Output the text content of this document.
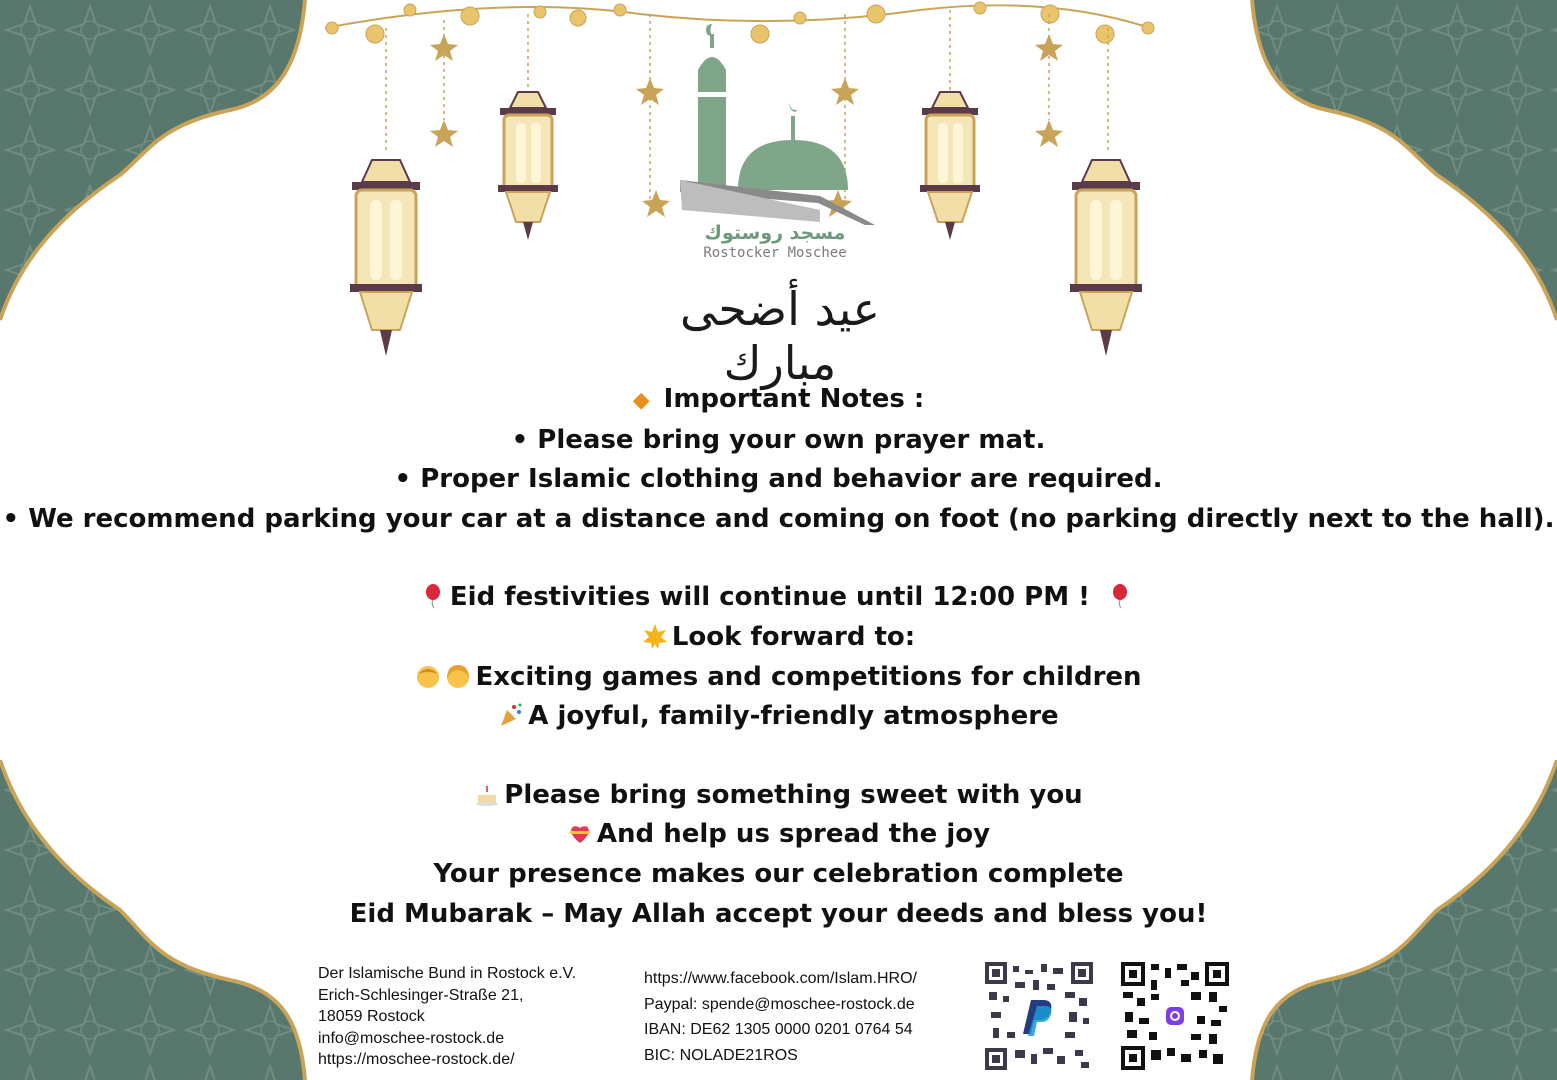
مسجد روستوك
Rostocker Moschee
عيد أضحى مبارك
◆ Important Notes :
• Please bring your own prayer mat.
• Proper Islamic clothing and behavior are required.
• We recommend parking your car at a distance and coming on foot (no parking directly next to the hall).
Eid festivities will continue until 12:00 PM !
Look forward to:
Exciting games and competitions for children
A joyful, family-friendly atmosphere
Please bring something sweet with you
And help us spread the joy
Your presence makes our celebration complete
Eid Mubarak – May Allah accept your deeds and bless you!
Der Islamische Bund in Rostock e.V.
Erich-Schlesinger-Straße 21,
18059 Rostock
info@moschee-rostock.de
https://moschee-rostock.de/
https://www.facebook.com/Islam.HRO/
Paypal: spende@moschee-rostock.de
IBAN: DE62 1305 0000 0201 0764 54
BIC: NOLADE21ROS
